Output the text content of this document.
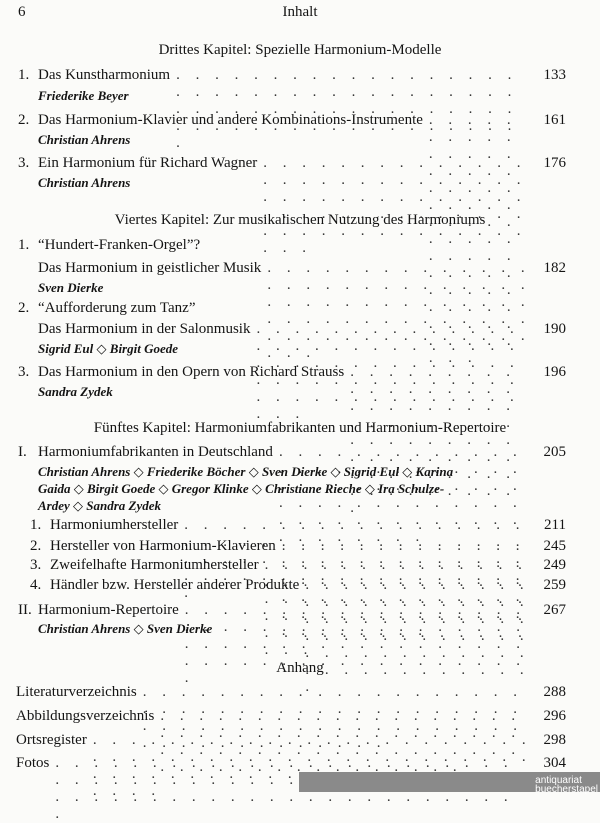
6	Inhalt
Drittes Kapitel: Spezielle Harmonium-Modelle
1. Das Kunstharmonium . . .	133
Friederike Beyer
2. Das Harmonium-Klavier und andere Kombinations-Instrumente . . .	161
Christian Ahrens
3. Ein Harmonium für Richard Wagner . . .	176
Christian Ahrens
Viertes Kapitel: Zur musikalischen Nutzung des Harmoniums
1. “Hundert-Franken-Orgel”?
Das Harmonium in geistlicher Musik . . .	182
Sven Dierke
2. “Aufforderung zum Tanz”
Das Harmonium in der Salonmusik . . .	190
Sigrid Eul ◇ Birgit Goede
3. Das Harmonium in den Opern von Richard Strauss . . .	196
Sandra Zydek
Fünftes Kapitel: Harmoniumfabrikanten und Harmonium-Repertoire
I. Harmoniumfabrikanten in Deutschland . . .	205
Christian Ahrens ◇ Friederike Böcher ◇ Sven Dierke ◇ Sigrid Eul ◇ Karina
Gaida ◇ Birgit Goede ◇ Gregor Klinke ◇ Christiane Rieche ◇ Ira Schulze-
Ardey ◇ Sandra Zydek
1. Harmoniumhersteller . . .	211
2. Hersteller von Harmonium-Klavieren . . .	245
3. Zweifelhafte Harmoniumhersteller . . .	249
4. Händler bzw. Hersteller anderer Produkte . . .	259
II. Harmonium-Repertoire . . .	267
Christian Ahrens ◇ Sven Dierke
Anhang
Literaturverzeichnis . . .	288
Abbildungsverzeichnis . . .	296
Ortsregister . . .	298
Fotos . . .	304
antiquariat
buecherstapel
